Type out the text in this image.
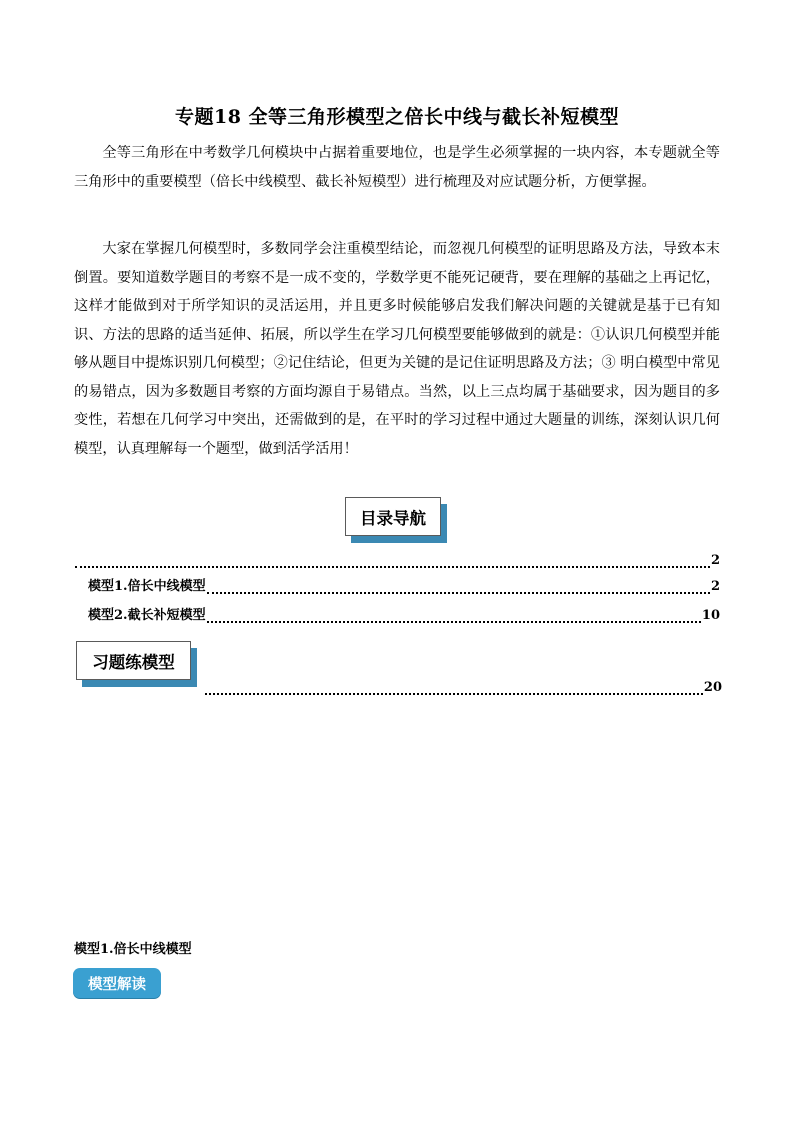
专题18 全等三角形模型之倍长中线与截长补短模型

全等三角形在中考数学几何模块中占据着重要地位，也是学生必须掌握的一块内容，本专题就全等三角形中的重要模型（倍长中线模型、截长补短模型）进行梳理及对应试题分析，方便掌握。

大家在掌握几何模型时，多数同学会注重模型结论，而忽视几何模型的证明思路及方法，导致本末倒置。要知道数学题目的考察不是一成不变的，学数学更不能死记硬背，要在理解的基础之上再记忆，这样才能做到对于所学知识的灵活运用，并且更多时候能够启发我们解决问题的关键就是基于已有知识、方法的思路的适当延伸、拓展，所以学生在学习几何模型要能够做到的就是：①认识几何模型并能够从题目中提炼识别几何模型；②记住结论，但更为关键的是记住证明思路及方法；③ 明白模型中常见的易错点，因为多数题目考察的方面均源自于易错点。当然，以上三点均属于基础要求，因为题目的多变性，若想在几何学习中突出，还需做到的是，在平时的学习过程中通过大题量的训练，深刻认识几何模型，认真理解每一个题型，做到活学活用！

目录导航
2
模型1.倍长中线模型	2
模型2.截长补短模型	10
习题练模型
20
模型1.倍长中线模型
模型解读
